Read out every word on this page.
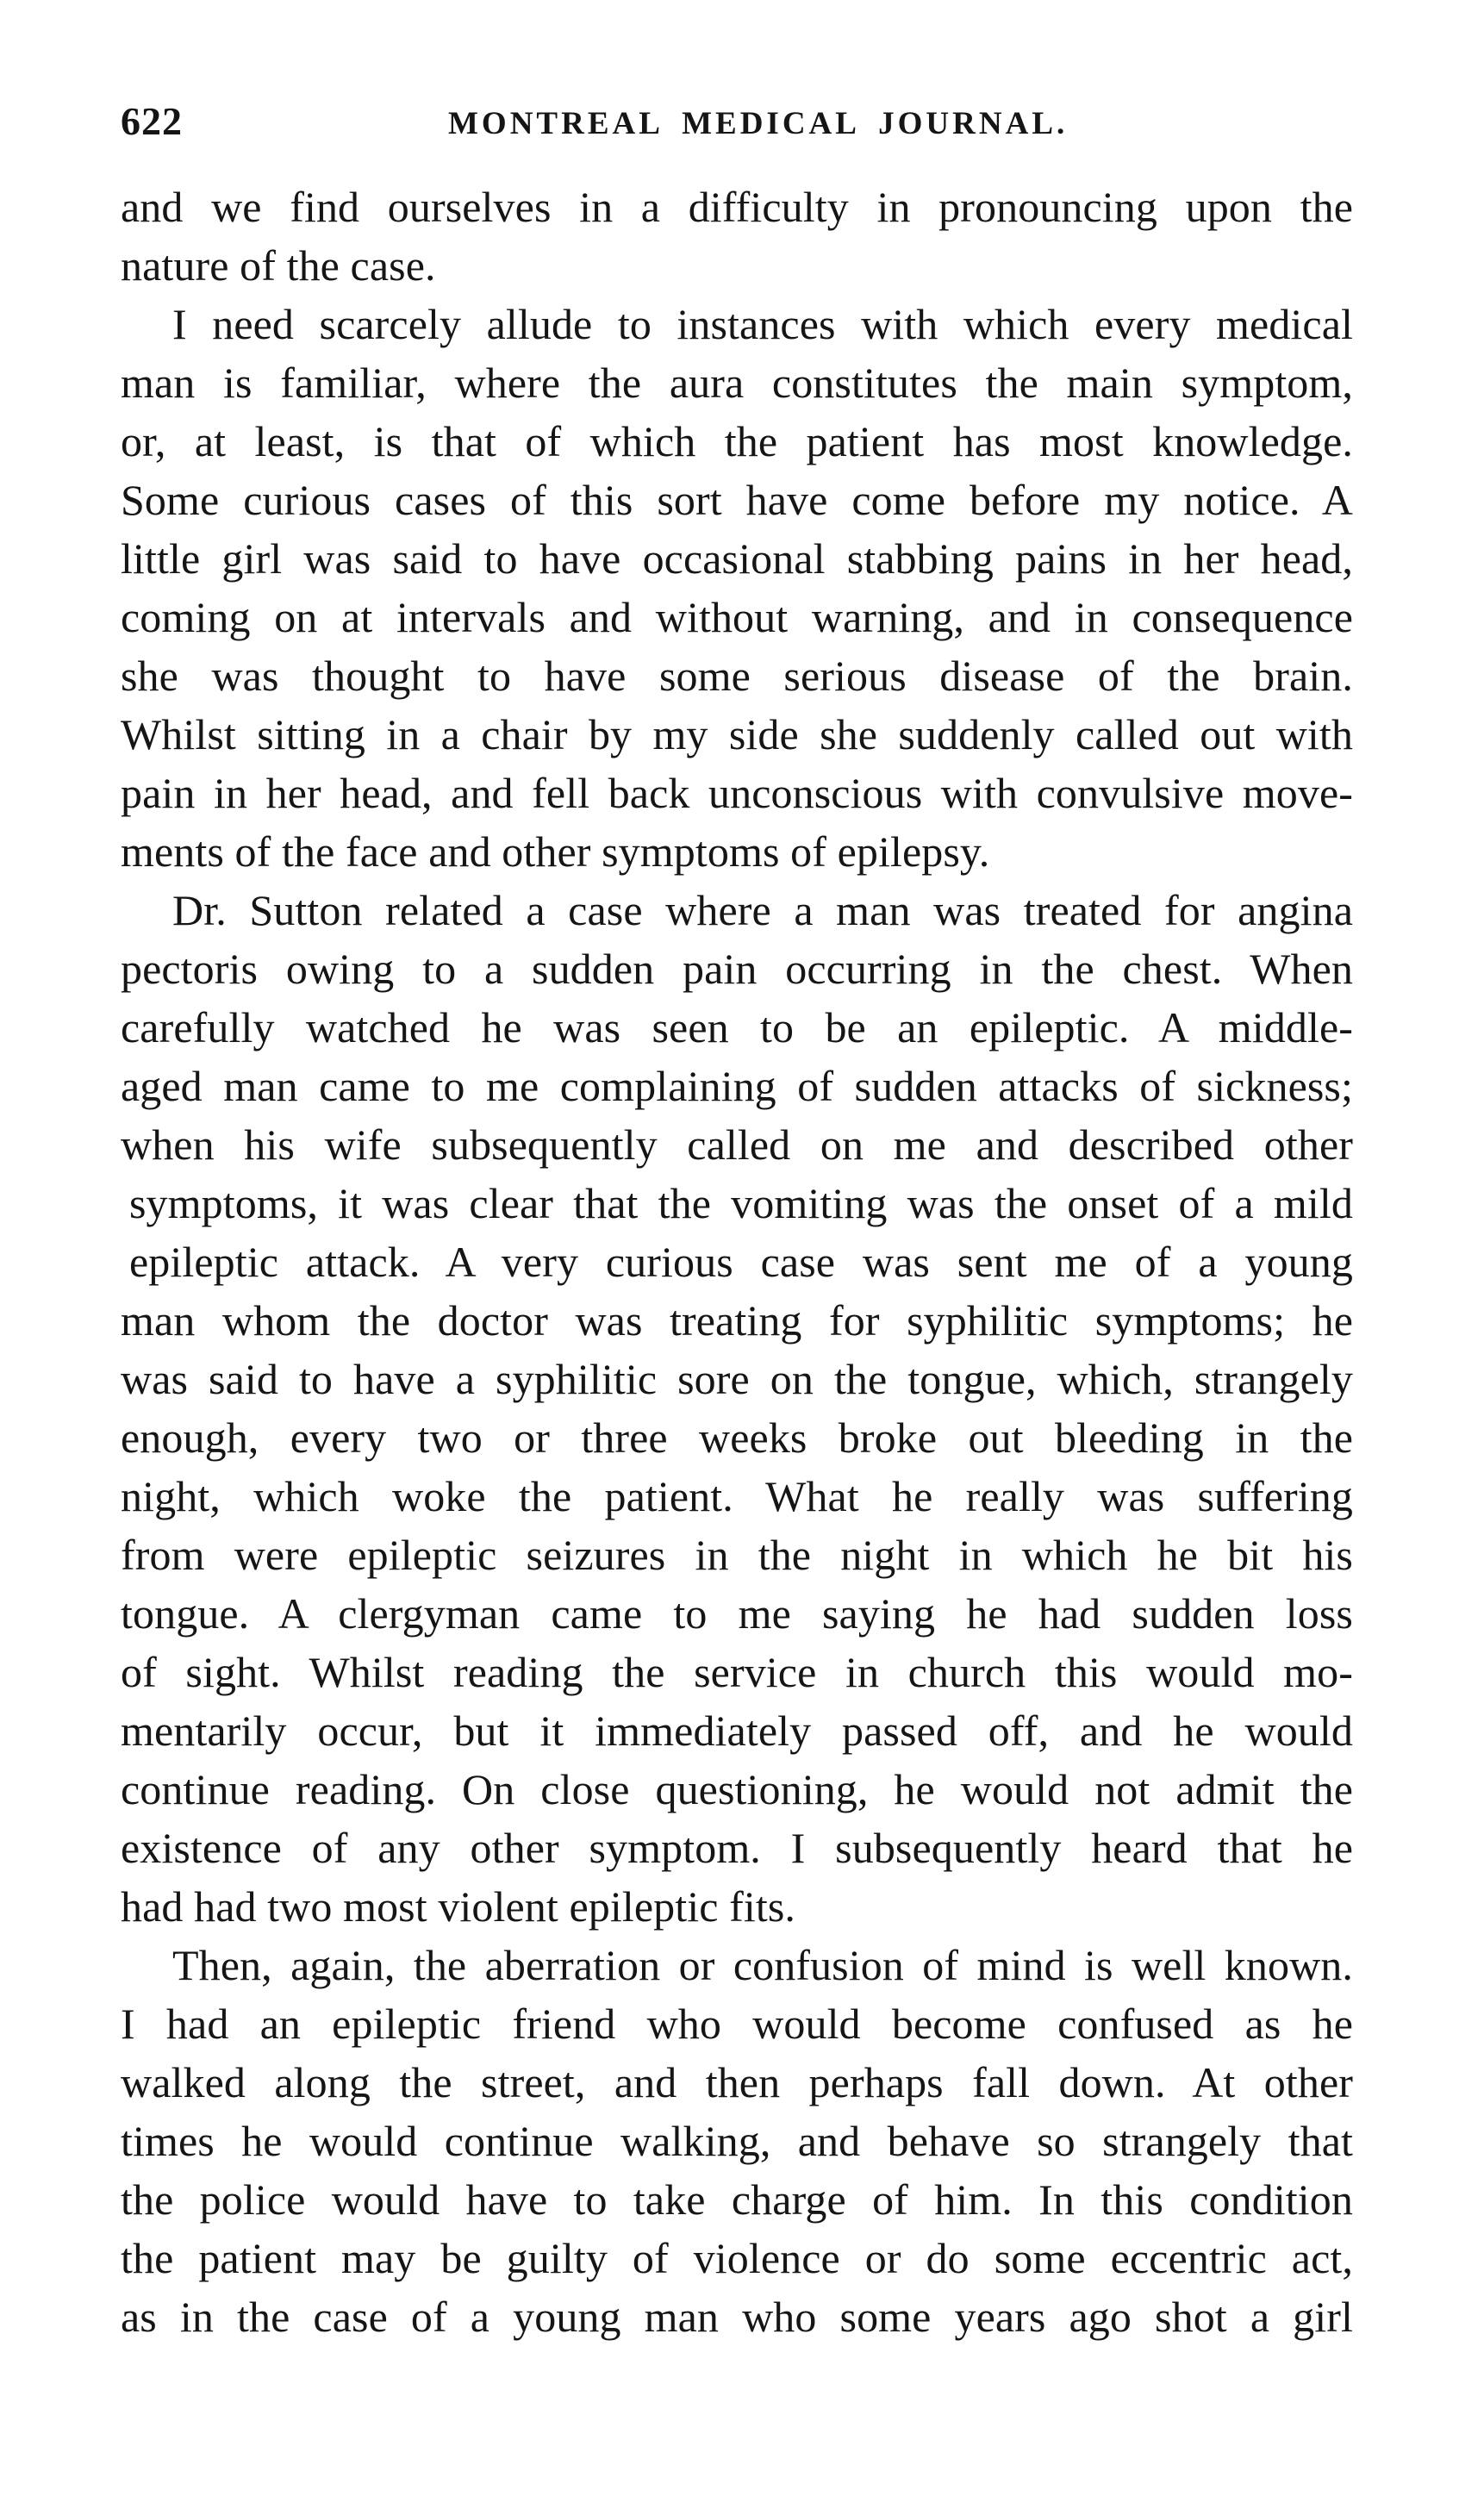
622	MONTREAL MEDICAL JOURNAL.
and we find ourselves in a difficulty in pronouncing upon the
nature of the case.
I need scarcely allude to instances with which every medical
man is familiar, where the aura constitutes the main symptom,
or, at least, is that of which the patient has most knowledge.
Some curious cases of this sort have come before my notice. A
little girl was said to have occasional stabbing pains in her head,
coming on at intervals and without warning, and in consequence
she was thought to have some serious disease of the brain.
Whilst sitting in a chair by my side she suddenly called out with
pain in her head, and fell back unconscious with convulsive move-
ments of the face and other symptoms of epilepsy.
Dr. Sutton related a case where a man was treated for angina
pectoris owing to a sudden pain occurring in the chest. When
carefully watched he was seen to be an epileptic. A middle-
aged man came to me complaining of sudden attacks of sickness;
when his wife subsequently called on me and described other
symptoms, it was clear that the vomiting was the onset of a mild
epileptic attack. A very curious case was sent me of a young
man whom the doctor was treating for syphilitic symptoms; he
was said to have a syphilitic sore on the tongue, which, strangely
enough, every two or three weeks broke out bleeding in the
night, which woke the patient. What he really was suffering
from were epileptic seizures in the night in which he bit his
tongue. A clergyman came to me saying he had sudden loss
of sight. Whilst reading the service in church this would mo-
mentarily occur, but it immediately passed off, and he would
continue reading. On close questioning, he would not admit the
existence of any other symptom. I subsequently heard that he
had had two most violent epileptic fits.
Then, again, the aberration or confusion of mind is well known.
I had an epileptic friend who would become confused as he
walked along the street, and then perhaps fall down. At other
times he would continue walking, and behave so strangely that
the police would have to take charge of him. In this condition
the patient may be guilty of violence or do some eccentric act,
as in the case of a young man who some years ago shot a girl
